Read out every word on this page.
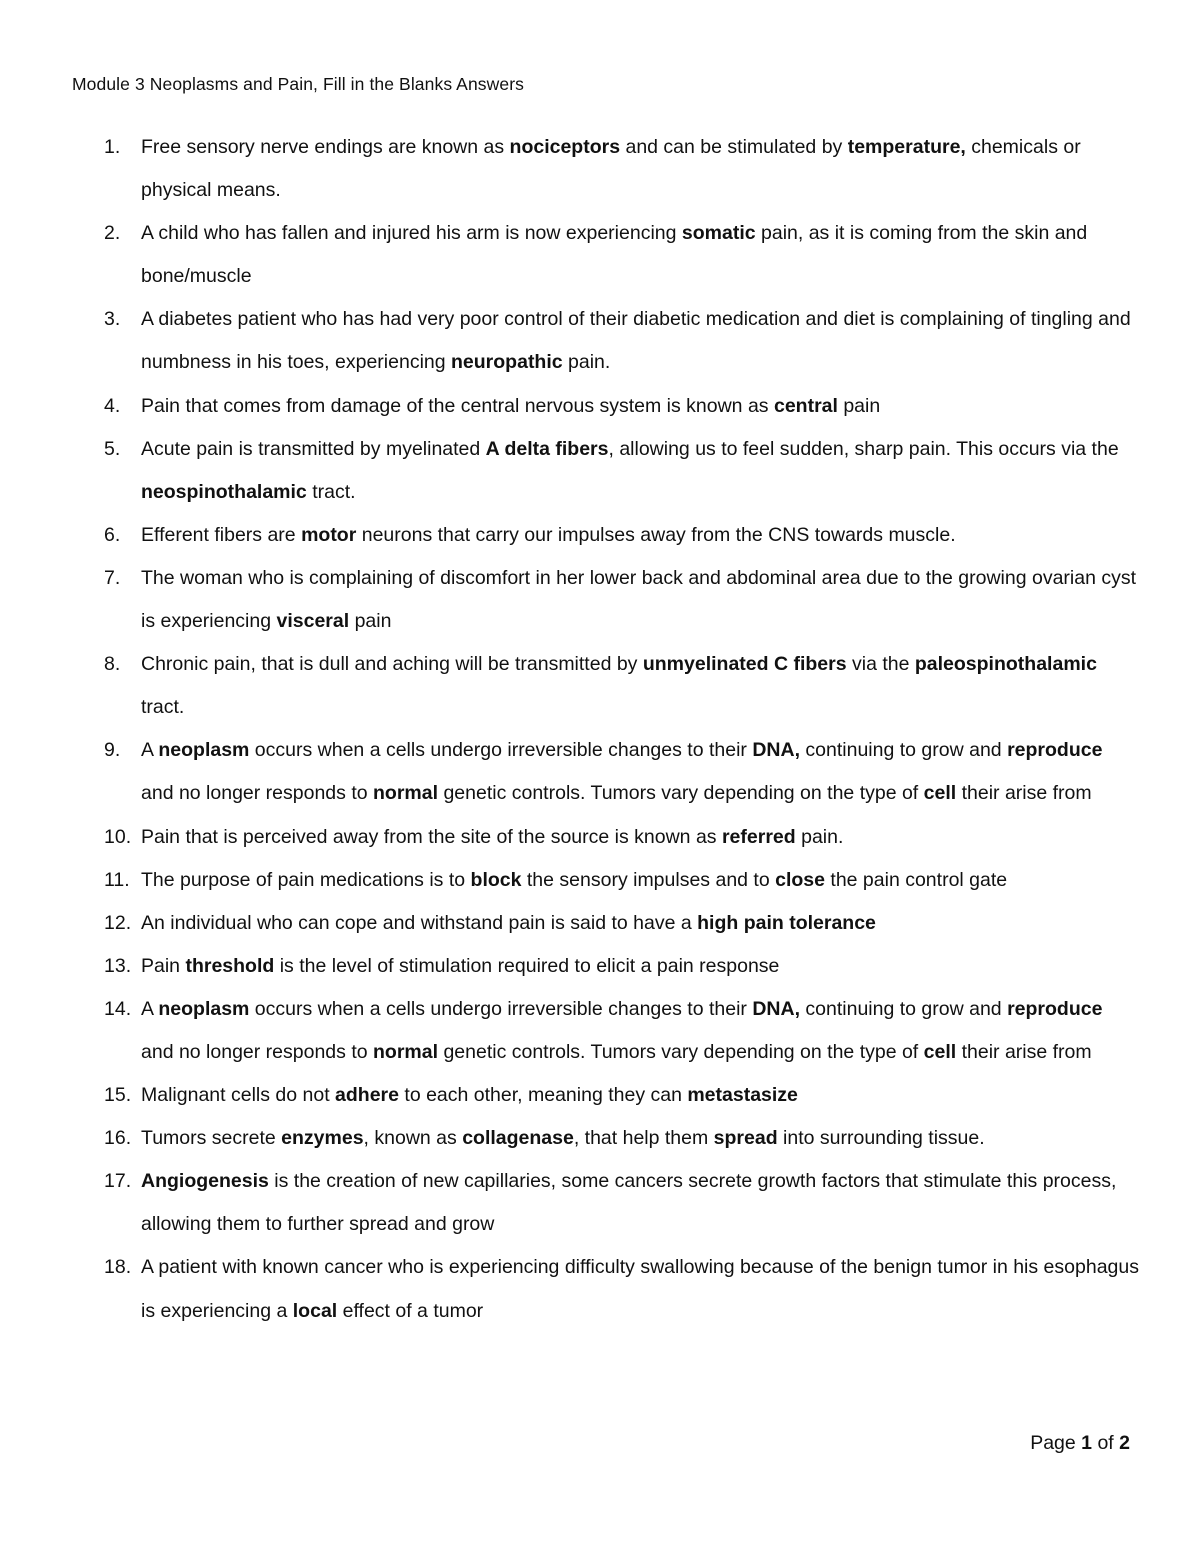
Module 3 Neoplasms and Pain, Fill in the Blanks Answers
1. Free sensory nerve endings are known as nociceptors and can be stimulated by temperature, chemicals or physical means.
2. A child who has fallen and injured his arm is now experiencing somatic pain, as it is coming from the skin and bone/muscle
3. A diabetes patient who has had very poor control of their diabetic medication and diet is complaining of tingling and numbness in his toes, experiencing neuropathic pain.
4. Pain that comes from damage of the central nervous system is known as central pain
5. Acute pain is transmitted by myelinated A delta fibers, allowing us to feel sudden, sharp pain. This occurs via the neospinothalamic tract.
6. Efferent fibers are motor neurons that carry our impulses away from the CNS towards muscle.
7. The woman who is complaining of discomfort in her lower back and abdominal area due to the growing ovarian cyst is experiencing visceral pain
8. Chronic pain, that is dull and aching will be transmitted by unmyelinated C fibers via the paleospinothalamic tract.
9. A neoplasm occurs when a cells undergo irreversible changes to their DNA, continuing to grow and reproduce and no longer responds to normal genetic controls. Tumors vary depending on the type of cell their arise from
10. Pain that is perceived away from the site of the source is known as referred pain.
11. The purpose of pain medications is to block the sensory impulses and to close the pain control gate
12. An individual who can cope and withstand pain is said to have a high pain tolerance
13. Pain threshold is the level of stimulation required to elicit a pain response
14. A neoplasm occurs when a cells undergo irreversible changes to their DNA, continuing to grow and reproduce and no longer responds to normal genetic controls. Tumors vary depending on the type of cell their arise from
15. Malignant cells do not adhere to each other, meaning they can metastasize
16. Tumors secrete enzymes, known as collagenase, that help them spread into surrounding tissue.
17. Angiogenesis is the creation of new capillaries, some cancers secrete growth factors that stimulate this process, allowing them to further spread and grow
18. A patient with known cancer who is experiencing difficulty swallowing because of the benign tumor in his esophagus is experiencing a local effect of a tumor
Page 1 of 2
